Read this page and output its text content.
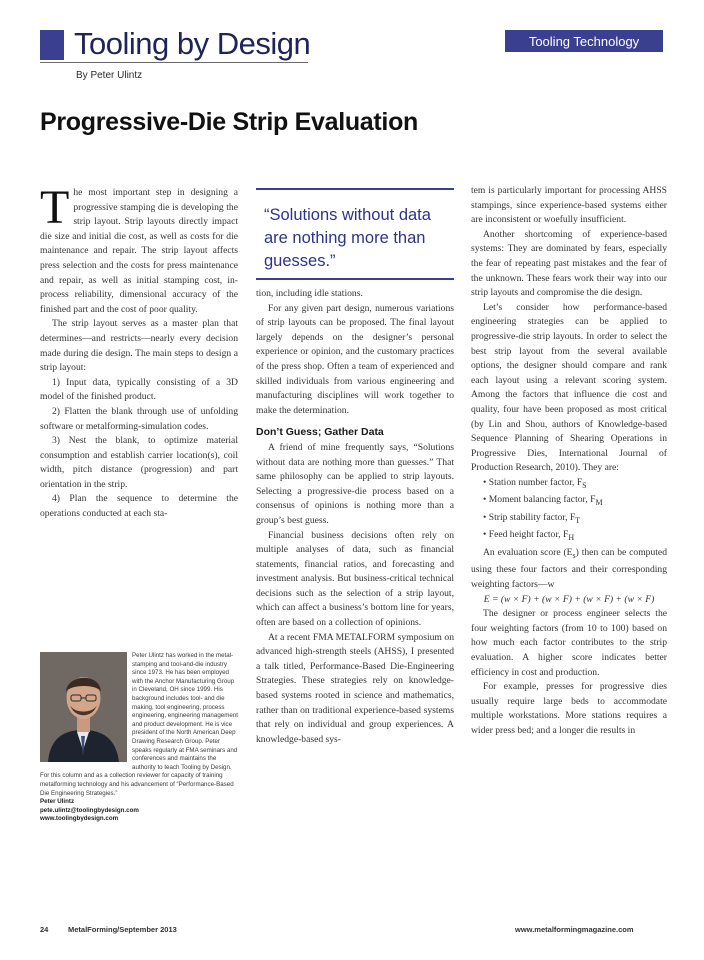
Tooling by Design
By Peter Ulintz
Tooling Technology
Progressive-Die Strip Evaluation

The most important step in designing a progressive stamping die is developing the strip layout. Strip layouts directly impact die size and initial die cost, as well as costs for die maintenance and repair. The strip layout affects press selection and the costs for press maintenance and repair, as well as initial stamping cost, in-process reliability, dimensional accuracy of the finished part and the cost of poor quality.

The strip layout serves as a master plan that determines—and restricts—nearly every decision made during die design. The main steps to design a strip layout:

1) Input data, typically consisting of a 3D model of the finished product.

2) Flatten the blank through use of unfolding software or metalforming-simulation codes.

3) Nest the blank, to optimize material consumption and establish carrier location(s), coil width, pitch distance (progression) and part orientation in the strip.

4) Plan the sequence to determine the operations conducted at each sta-

Peter Ulintz has worked in the metal-stamping and tool-and-die industry since 1973. He has been employed with the Anchor Manufacturing Group in Cleveland, OH since 1999. His background includes tool- and die making, tool engineering, process engineering, engineering management and product development. He is vice president of the North American Deep Drawing Research Group. Peter speaks regularly at FMA seminars and conferences and maintains the authority to teach Tooling by Design. For this column and as a collection reviewer for capacity of training metalforming technology and his advancement of “Performance-Based Die Engineering Strategies.”

Peter Ulintz

pete.ulintz@toolingbydesign.com

www.toolingbydesign.com

“Solutions without data are nothing more than guesses.”

tion, including idle stations.

For any given part design, numerous variations of strip layouts can be proposed. The final layout largely depends on the designer’s personal experience or opinion, and the customary practices of the press shop. Often a team of experienced and skilled individuals from various engineering and manufacturing disciplines will work together to make the determination.

Don’t Guess; Gather Data

A friend of mine frequently says, “Solutions without data are nothing more than guesses.” That same philosophy can be applied to strip layouts. Selecting a progressive-die process based on a consensus of opinions is nothing more than a group’s best guess.

Financial business decisions often rely on multiple analyses of data, such as financial statements, financial ratios, and forecasting and investment analysis. But business-critical technical decisions such as the selection of a strip layout, which can affect a business’s bottom line for years, often are based on a collection of opinions.

At a recent FMA METALFORM symposium on advanced high-strength steels (AHSS), I presented a talk titled, Performance-Based Die-Engineering Strategies. These strategies rely on knowledge-based systems rooted in science and mathematics, rather than on traditional experience-based systems that rely on individual and group experiences. A knowledge-based sys-

tem is particularly important for processing AHSS stampings, since experience-based systems either are inconsistent or woefully insufficient.

Another shortcoming of experience-based systems: They are dominated by fears, especially the fear of repeating past mistakes and the fear of the unknown. These fears work their way into our strip layouts and compromise the die design.

Let’s consider how performance-based engineering strategies can be applied to progressive-die strip layouts. In order to select the best strip layout from the several available options, the designer should compare and rank each layout using a relevant scoring system. Among the factors that influence die cost and quality, four have been proposed as most critical (by Lin and Shou, authors of Knowledge-based Sequence Planning of Shearing Operations in Progressive Dies, International Journal of Production Research, 2010). They are:

• Station number factor, $F_S$

• Moment balancing factor, $F_M$

• Strip stability factor, $F_T$

• Feed height factor, $F_H$

An evaluation score $(E_s)$ then can be computed using these four factors and their corresponding weighting factors—w

E = (w × F) + (w × F) + (w × F) + (w × F)

The designer or process engineer selects the four weighting factors (from 10 to 100) based on how much each factor contributes to the strip evaluation. A higher score indicates better efficiency in cost and production.

For example, presses for progressive dies usually require large beds to accommodate multiple workstations. More stations requires a wider press bed; and a longer die results in

24	MetalForming/September 2013	www.metalformingmagazine.com
